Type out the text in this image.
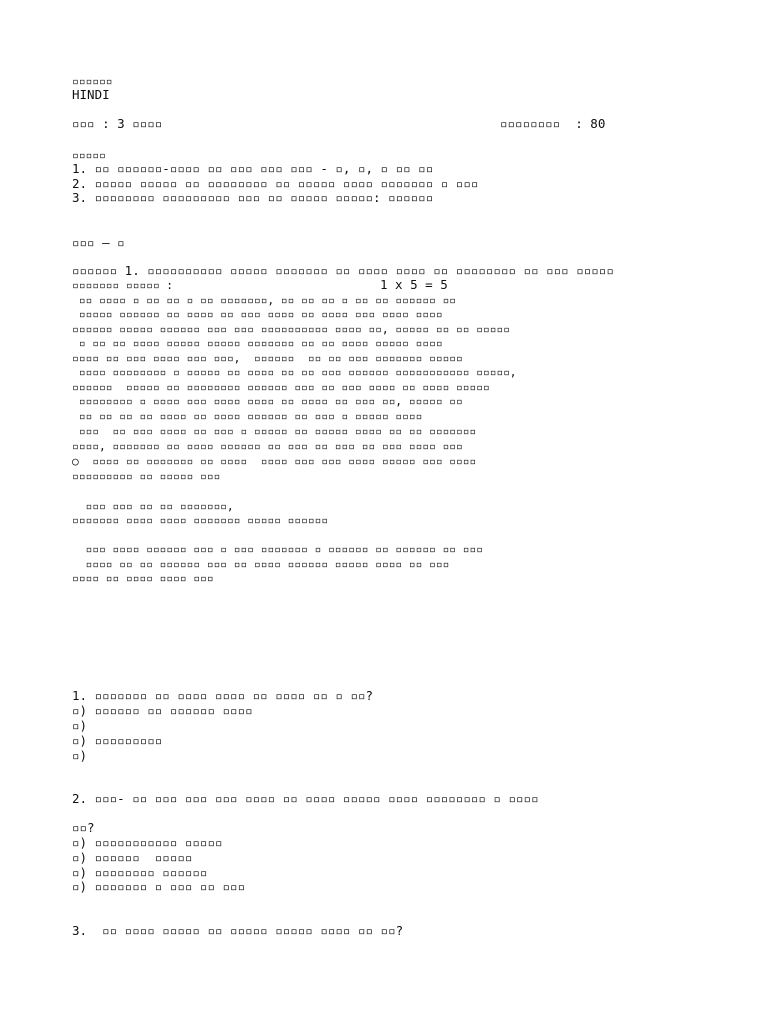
▫▫▫▫▫▫
HINDI
▫▫▫ : 3 ▫▫▫▫	▫▫▫▫▫▫▫▫  : 80
▫▫▫▫▫
1. ▫▫ ▫▫▫▫▫▫-▫▫▫▫ ▫▫ ▫▫▫ ▫▫▫ ▫▫▫ - ▫, ▫, ▫ ▫▫ ▫▫
2. ▫▫▫▫▫ ▫▫▫▫▫ ▫▫ ▫▫▫▫▫▫▫▫ ▫▫ ▫▫▫▫▫ ▫▫▫▫ ▫▫▫▫▫▫▫ ▫ ▫▫▫
3. ▫▫▫▫▫▫▫▫ ▫▫▫▫▫▫▫▫▫ ▫▫▫ ▫▫ ▫▫▫▫▫ ▫▫▫▫▫: ▫▫▫▫▫▫
▫▫▫ – ▫
▫▫▫▫▫▫ 1. ▫▫▫▫▫▫▫▫▫▫ ▫▫▫▫▫ ▫▫▫▫▫▫▫ ▫▫ ▫▫▫▫ ▫▫▫▫ ▫▫ ▫▫▫▫▫▫▫▫ ▫▫ ▫▫▫ ▫▫▫▫▫
▫▫▫▫▫▫▫ ▫▫▫▫▫ :	1 x 5 = 5
▫▫ ▫▫▫▫ ▫ ▫▫ ▫▫ ▫ ▫▫ ▫▫▫▫▫▫▫, ▫▫ ▫▫ ▫▫ ▫ ▫▫ ▫▫ ▫▫▫▫▫▫ ▫▫
▫▫▫▫▫ ▫▫▫▫▫▫ ▫▫ ▫▫▫▫ ▫▫ ▫▫▫ ▫▫▫▫ ▫▫ ▫▫▫▫ ▫▫▫ ▫▫▫▫ ▫▫▫▫
▫▫▫▫▫▫ ▫▫▫▫▫ ▫▫▫▫▫▫ ▫▫▫ ▫▫▫ ▫▫▫▫▫▫▫▫▫▫ ▫▫▫▫ ▫▫, ▫▫▫▫▫ ▫▫ ▫▫ ▫▫▫▫▫
▫ ▫▫ ▫▫ ▫▫▫▫ ▫▫▫▫▫ ▫▫▫▫▫ ▫▫▫▫▫▫▫ ▫▫ ▫▫ ▫▫▫▫ ▫▫▫▫▫ ▫▫▫▫
▫▫▫▫ ▫▫ ▫▫▫ ▫▫▫▫ ▫▫▫ ▫▫▫,  ▫▫▫▫▫▫  ▫▫ ▫▫ ▫▫▫ ▫▫▫▫▫▫▫ ▫▫▫▫▫
▫▫▫▫ ▫▫▫▫▫▫▫▫ ▫ ▫▫▫▫▫ ▫▫ ▫▫▫▫ ▫▫ ▫▫ ▫▫▫ ▫▫▫▫▫▫ ▫▫▫▫▫▫▫▫▫▫▫ ▫▫▫▫▫,
▫▫▫▫▫▫  ▫▫▫▫▫ ▫▫ ▫▫▫▫▫▫▫▫ ▫▫▫▫▫▫ ▫▫▫ ▫▫ ▫▫▫ ▫▫▫▫ ▫▫ ▫▫▫▫ ▫▫▫▫▫
▫▫▫▫▫▫▫▫ ▫ ▫▫▫▫ ▫▫▫ ▫▫▫▫ ▫▫▫▫ ▫▫ ▫▫▫▫ ▫▫ ▫▫▫ ▫▫, ▫▫▫▫▫ ▫▫
▫▫ ▫▫ ▫▫ ▫▫ ▫▫▫▫ ▫▫ ▫▫▫▫ ▫▫▫▫▫▫ ▫▫ ▫▫▫ ▫ ▫▫▫▫▫ ▫▫▫▫
▫▫▫  ▫▫ ▫▫▫ ▫▫▫▫ ▫▫ ▫▫▫ ▫ ▫▫▫▫▫ ▫▫ ▫▫▫▫▫ ▫▫▫▫ ▫▫ ▫▫ ▫▫▫▫▫▫▫
▫▫▫▫, ▫▫▫▫▫▫▫ ▫▫ ▫▫▫▫ ▫▫▫▫▫▫ ▫▫ ▫▫▫ ▫▫ ▫▫▫ ▫▫ ▫▫▫ ▫▫▫▫ ▫▫▫
○  ▫▫▫▫ ▫▫ ▫▫▫▫▫▫▫ ▫▫ ▫▫▫▫  ▫▫▫▫ ▫▫▫ ▫▫▫ ▫▫▫▫ ▫▫▫▫▫ ▫▫▫ ▫▫▫▫
▫▫▫▫▫▫▫▫▫ ▫▫ ▫▫▫▫▫ ▫▫▫
▫▫▫ ▫▫▫ ▫▫ ▫▫ ▫▫▫▫▫▫▫,
▫▫▫▫▫▫▫ ▫▫▫▫ ▫▫▫▫ ▫▫▫▫▫▫▫ ▫▫▫▫▫ ▫▫▫▫▫▫
▫▫▫ ▫▫▫▫ ▫▫▫▫▫▫ ▫▫▫ ▫ ▫▫▫ ▫▫▫▫▫▫▫ ▫ ▫▫▫▫▫▫ ▫▫ ▫▫▫▫▫▫ ▫▫ ▫▫▫
▫▫▫▫ ▫▫ ▫▫ ▫▫▫▫▫▫ ▫▫▫ ▫▫ ▫▫▫▫ ▫▫▫▫▫▫ ▫▫▫▫▫ ▫▫▫▫ ▫▫ ▫▫▫
▫▫▫▫ ▫▫ ▫▫▫▫ ▫▫▫▫ ▫▫▫
1. ▫▫▫▫▫▫▫ ▫▫ ▫▫▫▫ ▫▫▫▫ ▫▫ ▫▫▫▫ ▫▫ ▫ ▫▫?
▫) ▫▫▫▫▫▫ ▫▫ ▫▫▫▫▫▫ ▫▫▫▫
▫)
▫) ▫▫▫▫▫▫▫▫▫
▫)
2. ▫▫▫- ▫▫ ▫▫▫ ▫▫▫ ▫▫▫ ▫▫▫▫ ▫▫ ▫▫▫▫ ▫▫▫▫▫ ▫▫▫▫ ▫▫▫▫▫▫▫▫ ▫ ▫▫▫▫
▫▫?
▫) ▫▫▫▫▫▫▫▫▫▫▫ ▫▫▫▫▫
▫) ▫▫▫▫▫▫  ▫▫▫▫▫
▫) ▫▫▫▫▫▫▫▫ ▫▫▫▫▫▫
▫) ▫▫▫▫▫▫▫ ▫ ▫▫▫ ▫▫ ▫▫▫
3.  ▫▫ ▫▫▫▫ ▫▫▫▫▫ ▫▫ ▫▫▫▫▫ ▫▫▫▫▫ ▫▫▫▫ ▫▫ ▫▫?
